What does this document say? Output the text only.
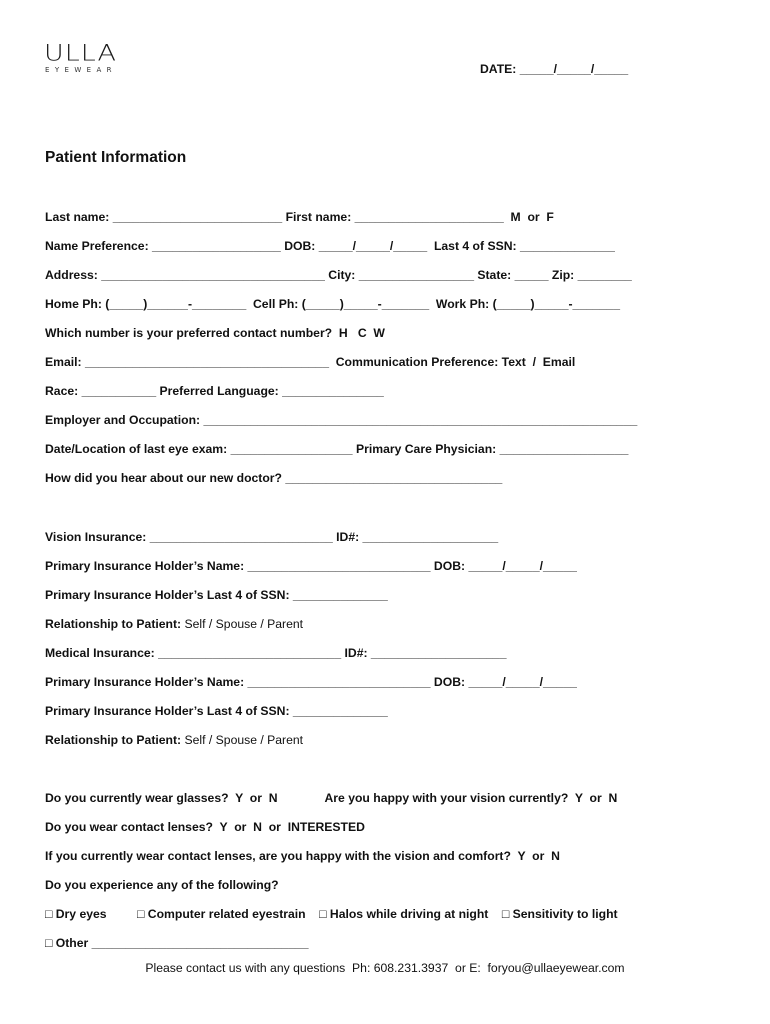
ULLA
EYEWEAR	DATE: _____/_____/_____
Patient Information
Last name: _________________________ First name: ______________________  M  or  F
Name Preference: ___________________ DOB: _____/_____/_____  Last 4 of SSN: ______________
Address: _________________________________ City: _________________ State: _____ Zip: ________
Home Ph: (_____)______-________  Cell Ph: (_____)_____-_______  Work Ph: (_____)_____-_______
Which number is your preferred contact number?  H   C  W
Email: ____________________________________  Communication Preference: Text  /  Email
Race: ___________ Preferred Language: _______________
Employer and Occupation: ________________________________________________________________
Date/Location of last eye exam: __________________ Primary Care Physician: ___________________
How did you hear about our new doctor? ________________________________
Vision Insurance: ___________________________ ID#: ____________________
Primary Insurance Holder’s Name: ___________________________ DOB: _____/_____/_____
Primary Insurance Holder’s Last 4 of SSN: ______________
Relationship to Patient: Self / Spouse / Parent
Medical Insurance: ___________________________ ID#: ____________________
Primary Insurance Holder’s Name: ___________________________ DOB: _____/_____/_____
Primary Insurance Holder’s Last 4 of SSN: ______________
Relationship to Patient: Self / Spouse / Parent
Do you currently wear glasses?  Y  or  N              Are you happy with your vision currently?  Y  or  N
Do you wear contact lenses?  Y  or  N  or  INTERESTED
If you currently wear contact lenses, are you happy with the vision and comfort?  Y  or  N
Do you experience any of the following?
□ Dry eyes         □ Computer related eyestrain    □ Halos while driving at night    □ Sensitivity to light
□ Other ________________________________
Please contact us with any questions  Ph: 608.231.3937  or E:  foryou@ullaeyewear.com
